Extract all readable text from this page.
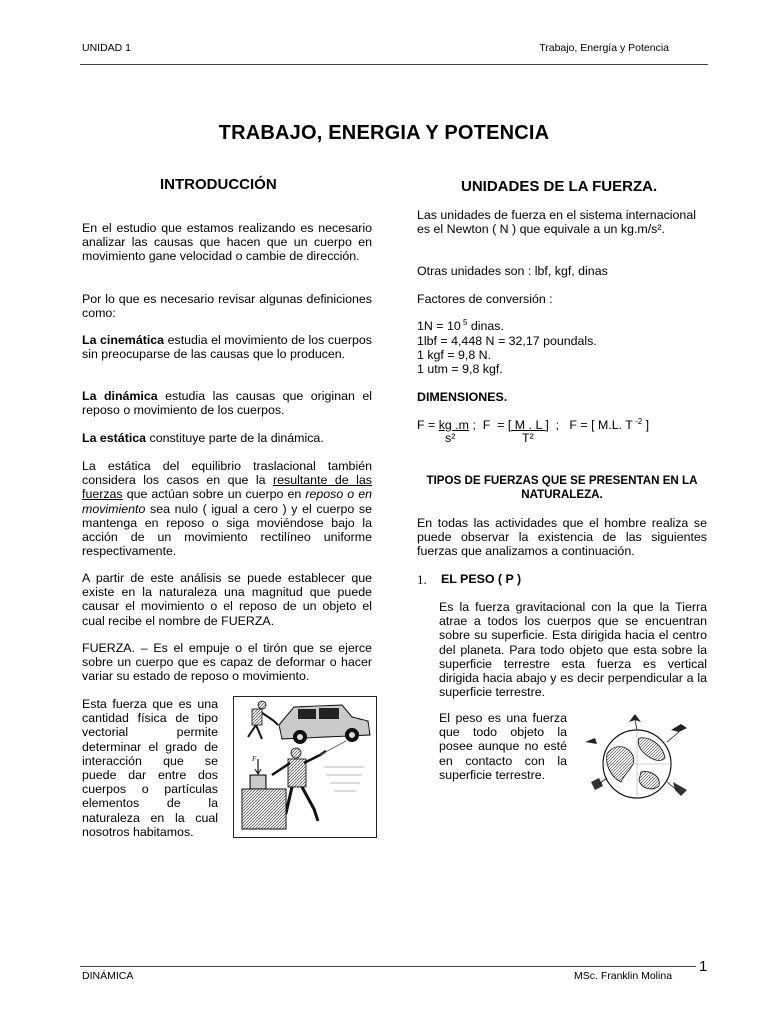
UNIDAD 1	Trabajo, Energía y Potencia
TRABAJO, ENERGIA Y POTENCIA
INTRODUCCIÓN
En el estudio que estamos realizando es necesario analizar las causas que hacen que un cuerpo en movimiento gane velocidad o cambie de dirección.
Por lo que es necesario revisar algunas definiciones como:
La cinemática estudia el movimiento de los cuerpos sin preocuparse de las causas que lo producen.
La dinámica estudia las causas que originan el reposo o movimiento de los cuerpos.
La estática constituye parte de la dinámica.
La estática del equilibrio traslacional también considera los casos en que la resultante de las fuerzas que actúan sobre un cuerpo en reposo o en movimiento sea nulo ( igual a cero ) y el cuerpo se mantenga en reposo o siga moviéndose bajo la acción de un movimiento rectilíneo uniforme respectivamente.
A partir de este análisis se puede establecer que existe en la naturaleza una magnitud que puede causar el movimiento o el reposo de un objeto el cual recibe el nombre de FUERZA.
FUERZA. – Es el empuje o el tirón que se ejerce sobre un cuerpo que es capaz de deformar o hacer variar su estado de reposo o movimiento.
Esta fuerza que es una cantidad física de tipo vectorial permite determinar el grado de interacción que se puede dar entre dos cuerpos o partículas elementos de la naturaleza en la cual nosotros habitamos.
F
UNIDADES DE LA FUERZA.
Las unidades de fuerza en el sistema internacional es el Newton ( N ) que equivale a un kg.m/s².
Otras unidades son : lbf, kgf, dinas
Factores de conversión :
1N = 10 $^5$ dinas.
1lbf = 4,448 N = 32,17 poundals.
1 kgf = 9,8 N.
1 utm = 9,8 kgf.
DIMENSIONES.
F = kg .m ;  F  = [ M . L ]  ;   F = [ M.L. T $^{-2}$ ]
s²	T²
TIPOS DE FUERZAS QUE SE PRESENTAN EN LA NATURALEZA.
En todas las actividades que el hombre realiza se puede observar la existencia de las siguientes fuerzas que analizamos a continuación.
1. EL PESO ( P )
Es la fuerza gravitacional con la que la Tierra atrae a todos los cuerpos que se encuentran sobre su superficie. Esta dirigida hacia el centro del planeta. Para todo objeto que esta sobre la superficie terrestre esta fuerza es vertical dirigida hacia abajo y es decir perpendicular a la superficie terrestre.
El peso es una fuerza que todo objeto la posee aunque no esté en contacto con la superficie terrestre.
DINÁMICA	MSc. Franklin Molina
1
